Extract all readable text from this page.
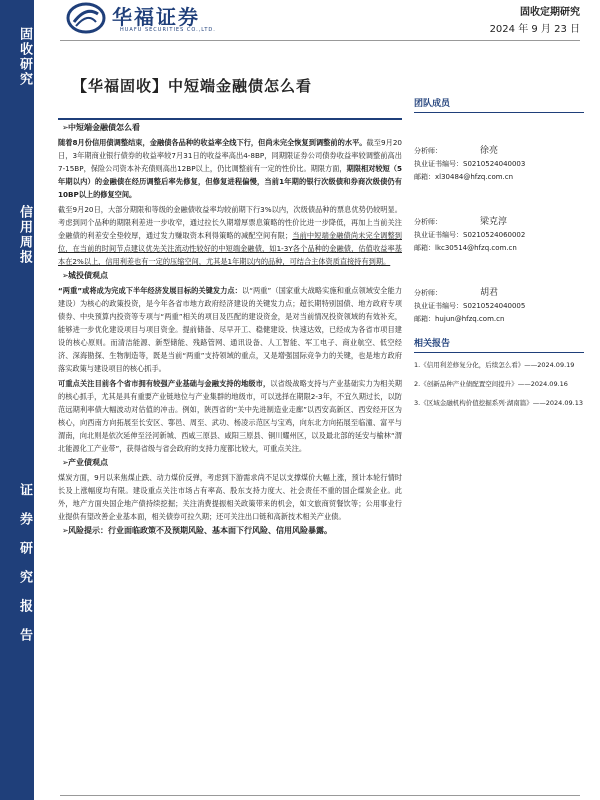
固收研究
信用周报
证券研究报告
华福证券
HUAFU SECURITIES CO.,LTD.
固收定期研究
2024 年 9 月 23 日
【华福固收】中短端金融债怎么看
➢ 中短端金融债怎么看

随着8月份信用债调整结束，金融债各品种的收益率全线下行，但尚未完全恢复到调整前的水平。截至9月20日，3年期商业银行债券的收益率较7月31日的收益率高出4-8BP，同期限证券公司债券收益率较调整前高出7-15BP，保险公司资本补充债则高出12BP以上，仍比调整前有一定的性价比。期限方面，期限相对较短（5年期以内）的金融债在经历调整后率先修复，但修复进程偏慢，当前1年期的银行次级债和券商次级债仍有10BP以上的修复空间。

截至9月20日，大部分期限和等级的金融债收益率均较前期下行3%以内，次级债品种的票息优势仍较明显。考虑到同个品种的期限利差进一步收窄，通过拉长久期增厚票息策略的性价比进一步降低，再加上当前关注金融债的利差安全垫较厚，通过发力赚取资本利得策略的减配空间有限；当前中短端金融债尚未完全调整到位，在当前的时间节点建议优先关注流动性较好的中短端金融债，如1-3Y各个品种的金融债，估值收益率基本在2%以上，信用利差也有一定的压缩空间，尤其是1年期以内的品种，可结合主体资质直接持有到期。

➢ 城投债观点

“两重”或将成为完成下半年经济发展目标的关键发力点：以“两重”（国家重大战略实施和重点领域安全能力建设）为核心的政策投资，是今年各省市地方政府经济建设的关键发力点；超长期特别国债、地方政府专项债券、中央预算内投资等专项与“两重”相关的项目及匹配的建设资金，是对当前情况投资领域的有效补充，能够进一步优化建设项目与项目资金。提前储备、尽早开工、稳健建设、快速达效，已经成为各省市项目建设的核心原则。而清洁能源、新型储能、残路管网、通讯设备、人工智能、军工电子、商业航空、低空经济、深海勘探、生物制造等，既是当前“两重”支持领域的重点，又是增强国际竞争力的关键，也是地方政府落实政策与建设项目的核心抓手。

可重点关注目前各个省市拥有较强产业基础与金融支持的地级市，以省级战略支持与产业基础实力为相关期的核心抓手，尤其是具有重要产业链地位与产业集群的地级市，可以选择在期限2-3年，不宜久期过长，以防范远期利率债大幅波动对估值的冲击。例如，陕西省的“关中先进制造业走廊”以西安高新区、西安经开区为核心，向西南方向拓展至长安区、鄠邑、周至、武功、杨凌示范区与宝鸡，向东北方向拓展至临潼、富平与渭南，向北则是依次延伸至泾河新城、西咸三原县、咸阳三原县、铜川耀州区，以及最北部的延安与榆林“渭北能源化工产业带”，获得省级与省会政府的支持力度都比较大，可重点关注。

➢ 产业债观点

煤炭方面，9月以来焦煤止跌、动力煤价反弹，考虑到下游需求尚不足以支撑煤价大幅上涨，预计本轮行情时长及上涨幅度均有限。建设重点关注市场占有率高、股东支持力度大、社会责任不重的国企煤炭企业。此外，地产方面央国企地产债持续挖掘；关注消费提振相关政策带来的机会，如文旅商贸餐饮等；公用事业行业提供有望改善企业基本面，相关债券可拉久期；还可关注出口链和高新技术相关产业债。

➢ 风险提示：行业面临政策不及预期风险、基本面下行风险、信用风险暴露。
团队成员
分析师：	徐亮
执业证书编号：S0210524040003
邮箱：xl30484@hfzq.com.cn
分析师：	梁克淳
执业证书编号：S0210524060002
邮箱：lkc30514@hfzq.com.cn
分析师：	胡君
执业证书编号：S0210524040005
邮箱：hujun@hfzq.com.cn
相关报告
1.《信用利差修复分化，后续怎么看》——2024.09.19
2.《创新品种产业债配置空间提升》——2024.09.16
3.《区域金融机构价值挖掘系列·湖南篇》——2024.09.13
